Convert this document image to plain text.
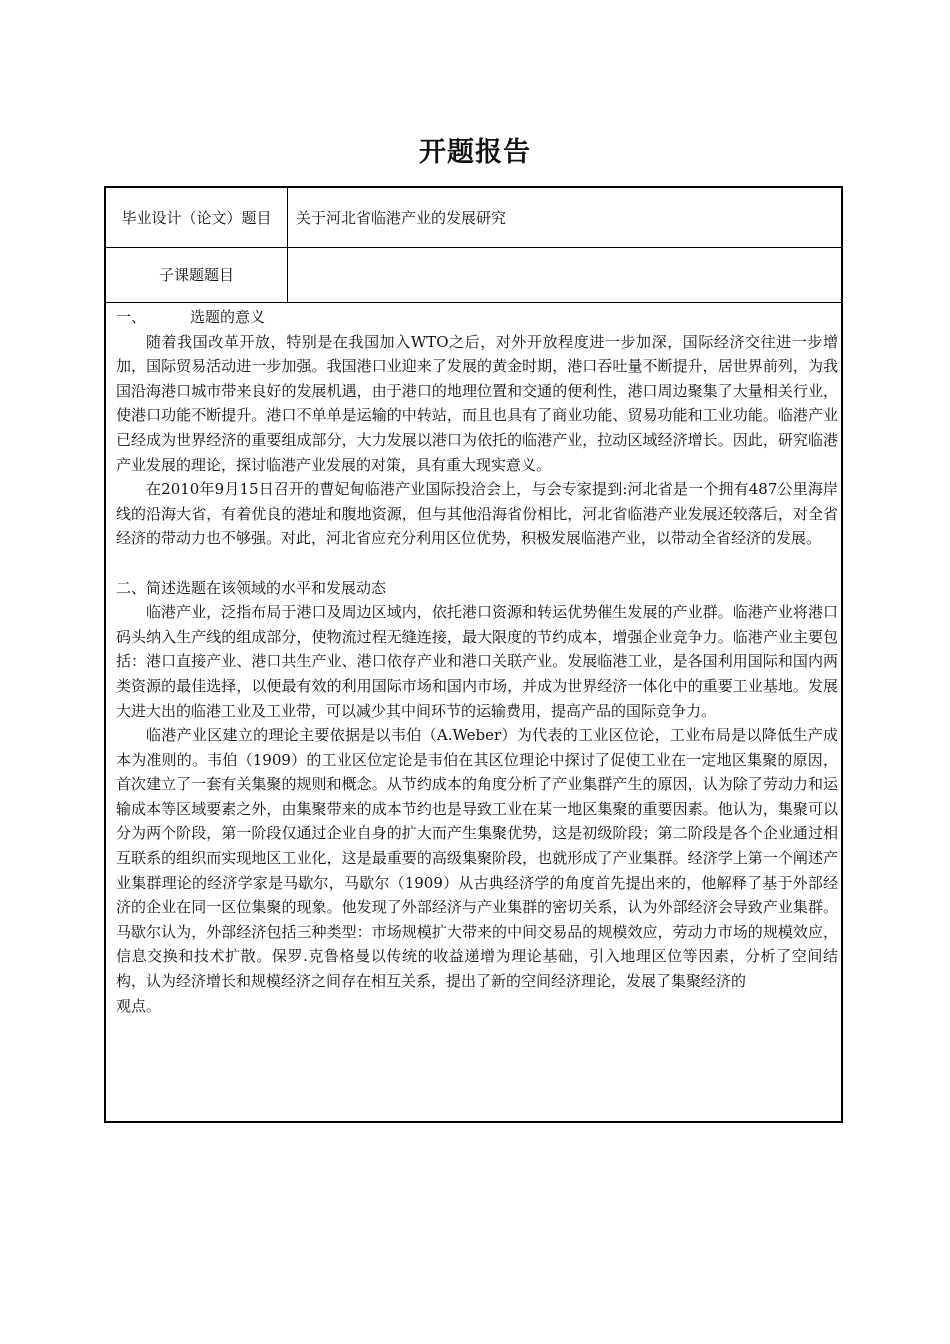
开题报告
毕业设计（论文）题目	关于河北省临港产业的发展研究
子课题题目

一、	选题的意义

随着我国改革开放，特别是在我国加入WTO之后，对外开放程度进一步加深，国际经济交往进一步增加，国际贸易活动进一步加强。我国港口业迎来了发展的黄金时期，港口吞吐量不断提升，居世界前列，为我国沿海港口城市带来良好的发展机遇，由于港口的地理位置和交通的便利性，港口周边聚集了大量相关行业，使港口功能不断提升。港口不单单是运输的中转站，而且也具有了商业功能、贸易功能和工业功能。临港产业已经成为世界经济的重要组成部分，大力发展以港口为依托的临港产业，拉动区域经济增长。因此，研究临港产业发展的理论，探讨临港产业发展的对策，具有重大现实意义。

在2010年9月15日召开的曹妃甸临港产业国际投洽会上，与会专家提到:河北省是一个拥有487公里海岸线的沿海大省，有着优良的港址和腹地资源，但与其他沿海省份相比，河北省临港产业发展还较落后，对全省经济的带动力也不够强。对此，河北省应充分利用区位优势，积极发展临港产业，以带动全省经济的发展。

二、简述选题在该领域的水平和发展动态

临港产业，泛指布局于港口及周边区域内，依托港口资源和转运优势催生发展的产业群。临港产业将港口码头纳入生产线的组成部分，使物流过程无缝连接，最大限度的节约成本，增强企业竞争力。临港产业主要包括：港口直接产业、港口共生产业、港口依存产业和港口关联产业。发展临港工业，是各国利用国际和国内两类资源的最佳选择，以便最有效的利用国际市场和国内市场，并成为世界经济一体化中的重要工业基地。发展大进大出的临港工业及工业带，可以减少其中间环节的运输费用，提高产品的国际竞争力。

临港产业区建立的理论主要依据是以韦伯（A.Weber）为代表的工业区位论，工业布局是以降低生产成本为准则的。韦伯（1909）的工业区位定论是韦伯在其区位理论中探讨了促使工业在一定地区集聚的原因，首次建立了一套有关集聚的规则和概念。从节约成本的角度分析了产业集群产生的原因，认为除了劳动力和运输成本等区域要素之外，由集聚带来的成本节约也是导致工业在某一地区集聚的重要因素。他认为，集聚可以分为两个阶段，第一阶段仅通过企业自身的扩大而产生集聚优势，这是初级阶段；第二阶段是各个企业通过相互联系的组织而实现地区工业化，这是最重要的高级集聚阶段，也就形成了产业集群。经济学上第一个阐述产业集群理论的经济学家是马歇尔，马歇尔（1909）从古典经济学的角度首先提出来的，他解释了基于外部经济的企业在同一区位集聚的现象。他发现了外部经济与产业集群的密切关系，认为外部经济会导致产业集群。马歇尔认为，外部经济包括三种类型：市场规模扩大带来的中间交易品的规模效应，劳动力市场的规模效应，信息交换和技术扩散。保罗.克鲁格曼以传统的收益递增为理论基础，引入地理区位等因素，分析了空间结构，认为经济增长和规模经济之间存在相互关系，提出了新的空间经济理论，发展了集聚经济的

观点。
